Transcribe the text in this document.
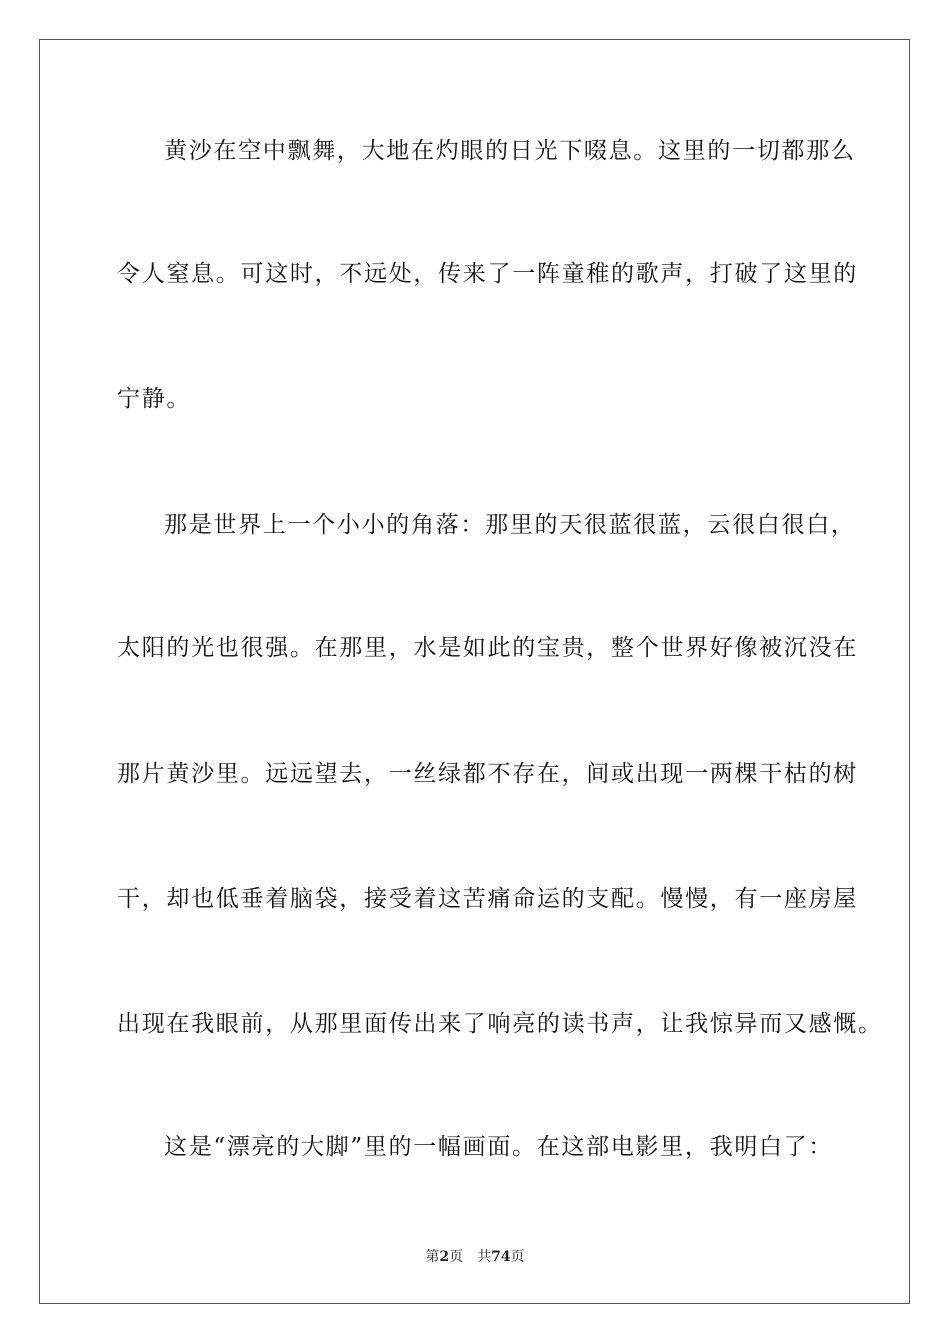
黄沙在空中飘舞，大地在灼眼的日光下啜息。这里的一切都那么
令人窒息。可这时，不远处，传来了一阵童稚的歌声，打破了这里的
宁静。
那是世界上一个小小的角落：那里的天很蓝很蓝，云很白很白，
太阳的光也很强。在那里，水是如此的宝贵，整个世界好像被沉没在
那片黄沙里。远远望去，一丝绿都不存在，间或出现一两棵干枯的树
干，却也低垂着脑袋，接受着这苦痛命运的支配。慢慢，有一座房屋
出现在我眼前，从那里面传出来了响亮的读书声，让我惊异而又感慨。
这是“漂亮的大脚”里的一幅画面。在这部电影里，我明白了：
第2页 共74页
